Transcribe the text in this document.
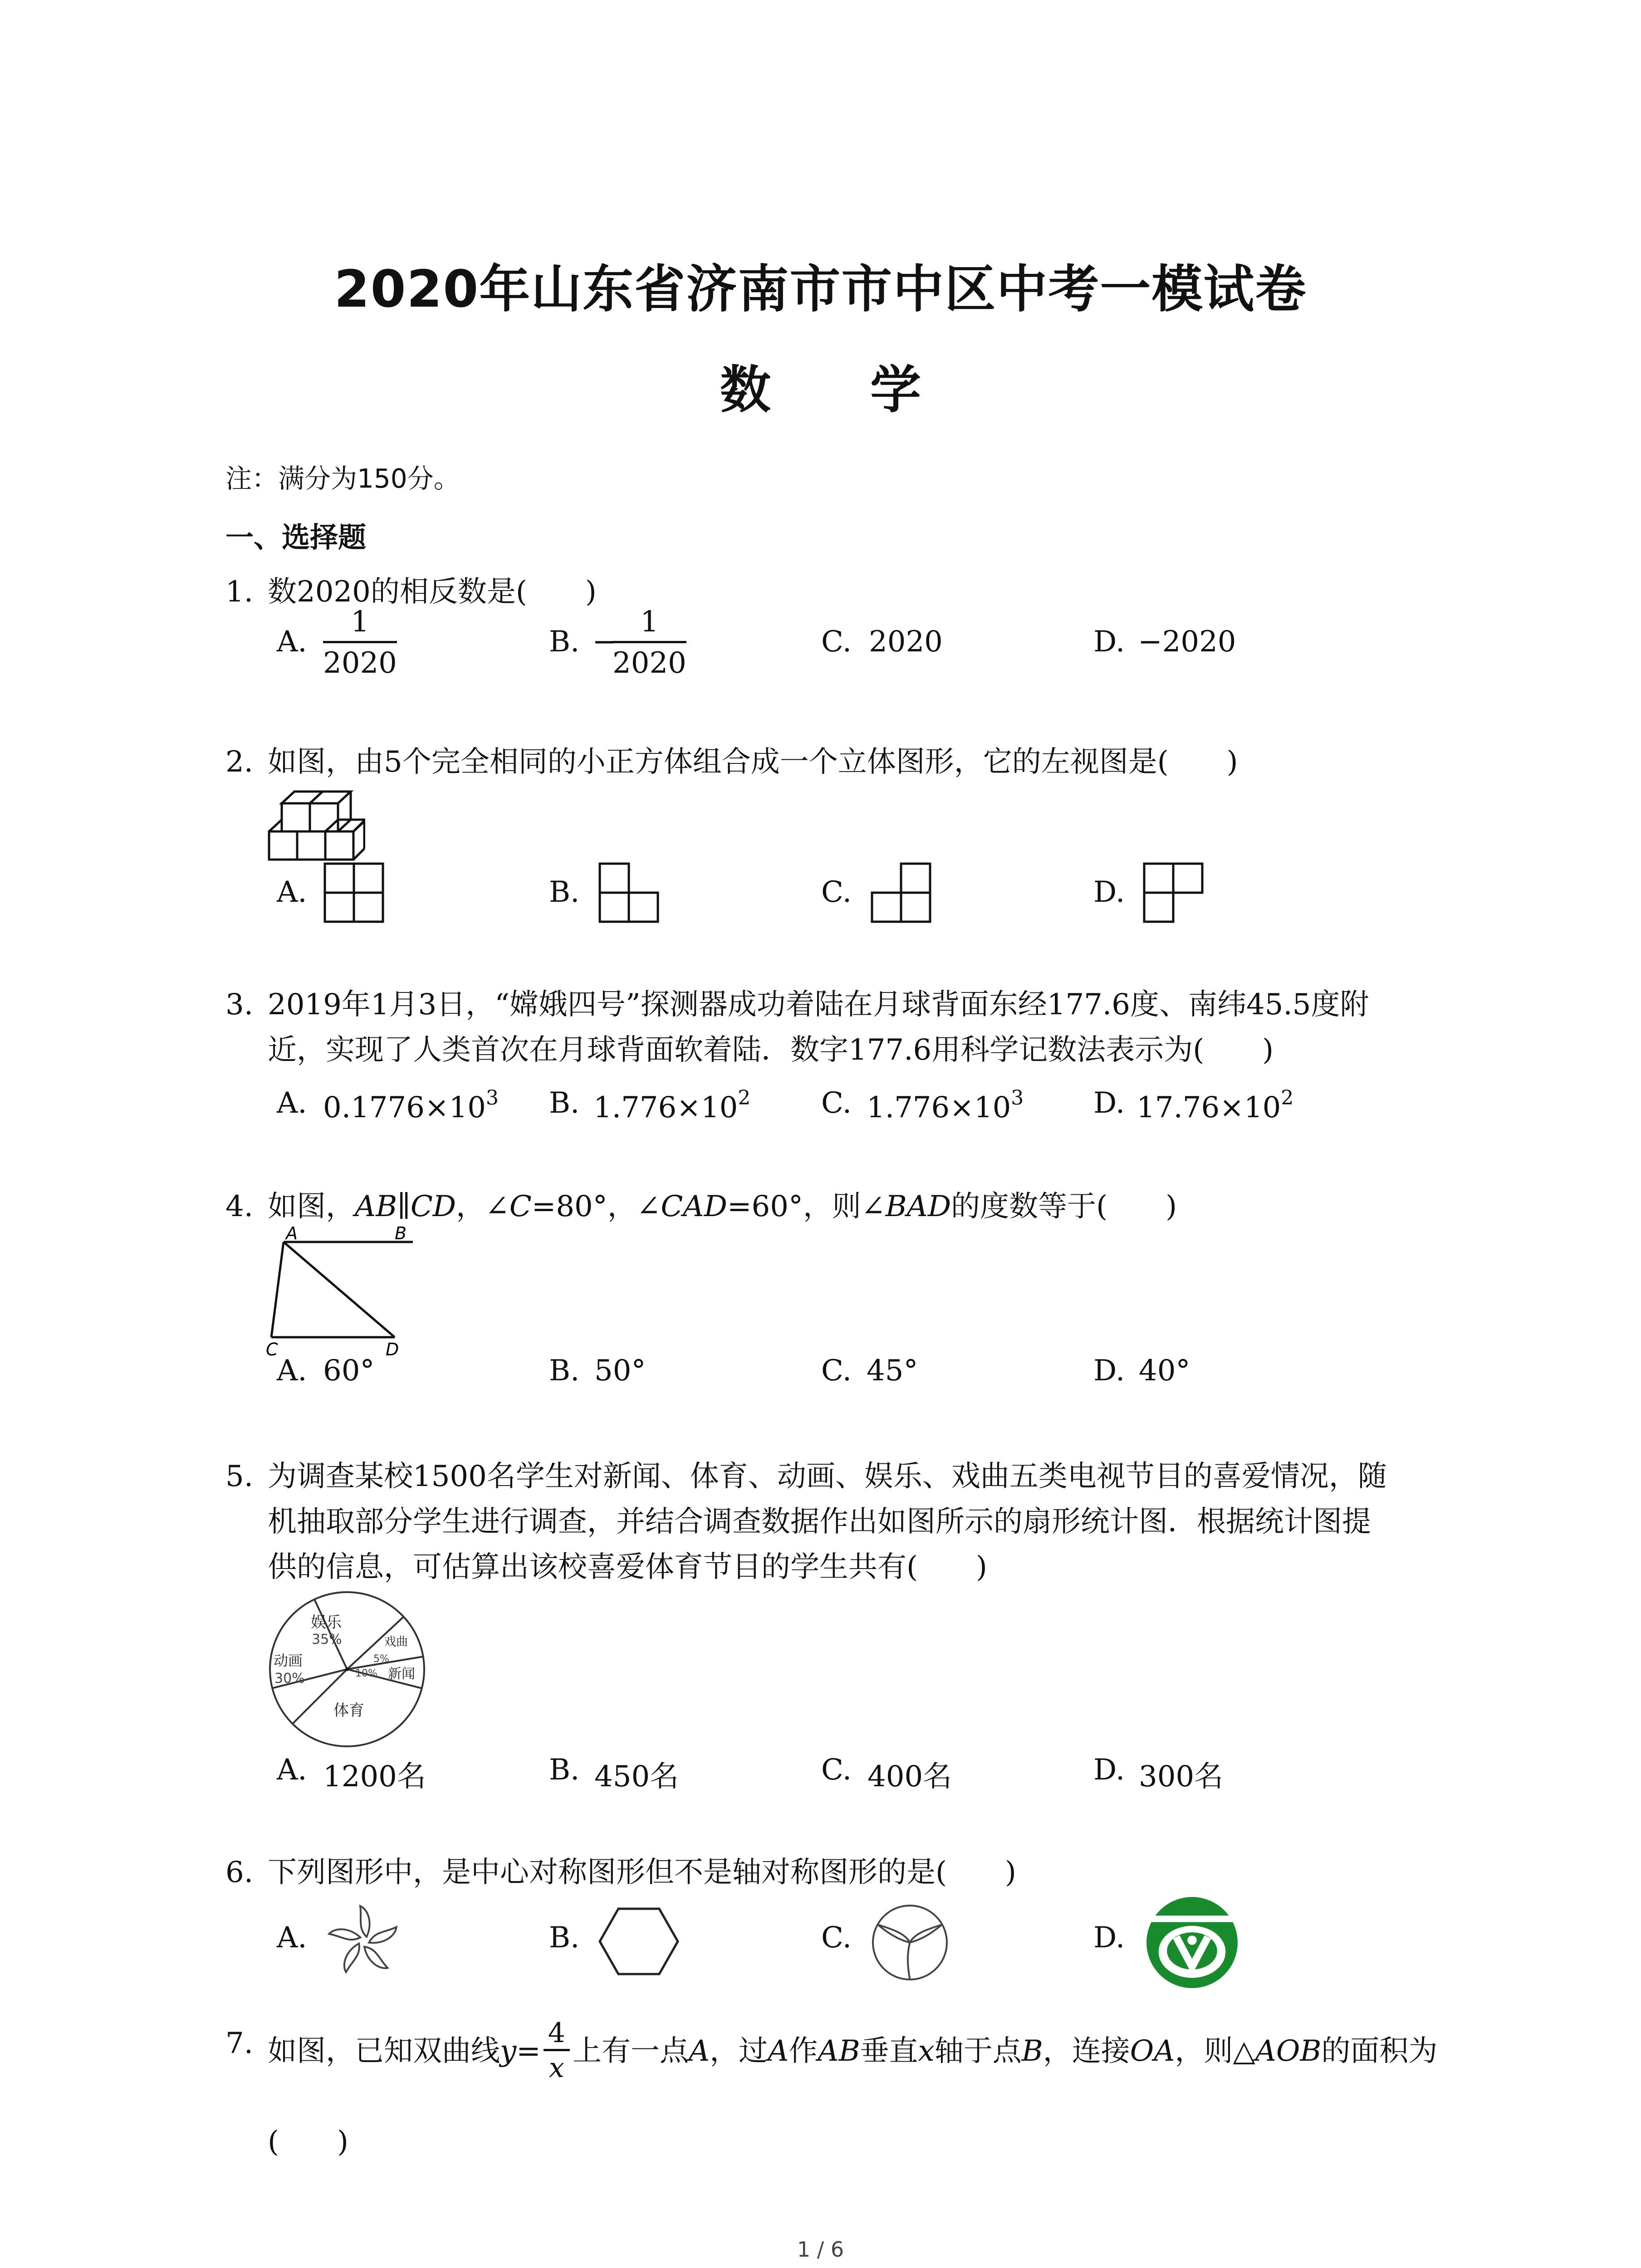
2020年山东省济南市市中区中考一模试卷
数 学
注：满分为150分。
一、选择题
1. 数2020的相反数是(　　)
A. $\frac{1}{2020}$	B. −
$\frac{1}{2020}$	C. 2020	D. −2020
2. 如图，由5个完全相同的小正方体组合成一个立体图形，它的左视图是(　　)
A.	B.	C.	D.
3. 2019年1月3日，“嫦娥四号”探测器成功着陆在月球背面东经177.6度、南纬45.5度附
近，实现了人类首次在月球背面软着陆．数字177.6用科学记数法表示为(　　)
A. $0.1776\times 10^3$ B. $1.776\times 10^2$ C. $1.776\times 10^3$ D. $17.76\times 10^2$
4. 如图，AB∥CD，∠C=80°，∠CAD=60°，则∠BAD的度数等于(　　)
A	B
C	D
A. 60°	B. 50°	C. 45°	D. 40°
5. 为调查某校1500名学生对新闻、体育、动画、娱乐、戏曲五类电视节目的喜爱情况，随
机抽取部分学生进行调查，并结合调查数据作出如图所示的扇形统计图．根据统计图提
供的信息，可估算出该校喜爱体育节目的学生共有(　　)
娱乐
35%	戏曲
5%
新闻
10%
动画
30%
体育
A. 1200名	B. 450名	C. 400名	D. 300名
6. 下列图形中，是中心对称图形但不是轴对称图形的是(　　)
A.	B.	C.	D.
7. 如图，已知双曲线$y= \frac{4}{x}$ 上有一点A，过A作AB垂直x轴于点B，连接OA，则△AOB的面积为
(　　)
1 / 6
